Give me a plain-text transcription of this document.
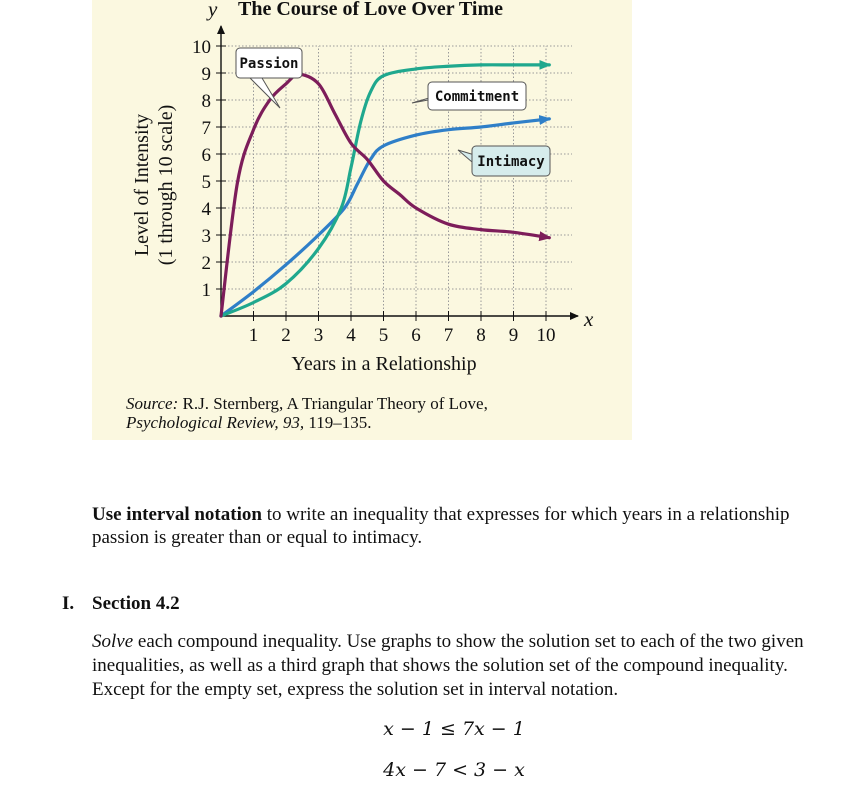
1
2
3
4
5
6
7
8
9
10
1 2 3 4 5 6 7 8 9 10
Passion
Commitment
Intimacy
y The Course of Love Over Time
x
Years in a Relationship
Level of Intensity (1 through 10 scale)
Source: R.J. Sternberg, A Triangular Theory of Love,
Psychological Review, 93, 119–135.
Use interval notation to write an inequality that expresses for which years in a relationship passion is greater than or equal to intimacy.
I. Section 4.2
Solve each compound inequality. Use graphs to show the solution set to each of the two given inequalities, as well as a third graph that shows the solution set of the compound inequality. Except for the empty set, express the solution set in interval notation.
x − 1 ≤ 7x − 1
4x − 7 < 3 − x
